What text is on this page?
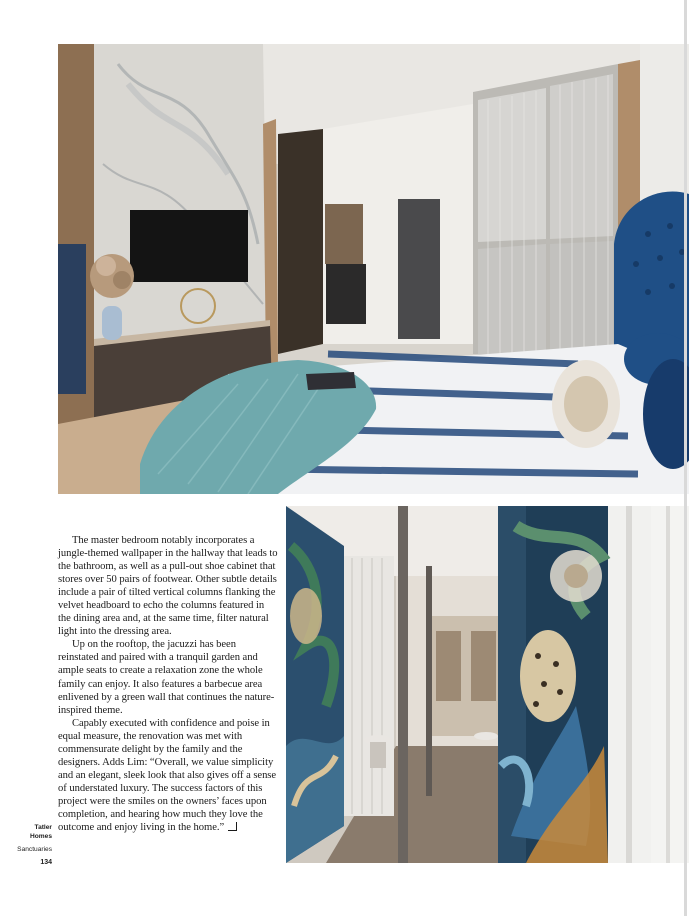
The master bedroom notably incorporates a jungle-themed wallpaper in the hallway that leads to the bathroom, as well as a pull-out shoe cabinet that stores over 50 pairs of footwear. Other subtle details include a pair of tilted vertical columns flanking the velvet headboard to echo the columns featured in the dining area and, at the same time, filter natural light into the dressing area.

Up on the rooftop, the jacuzzi has been reinstated and paired with a tranquil garden and ample seats to create a relaxation zone the whole family can enjoy. It also features a barbecue area enlivened by a green wall that continues the nature-inspired theme.

Capably executed with confidence and poise in equal measure, the renovation was met with commensurate delight by the family and the designers. Adds Lim: “Overall, we value simplicity and an elegant, sleek look that also gives off a sense of understated luxury. The success factors of this project were the smiles on the owners’ faces upon completion, and hearing how much they love the outcome and enjoy living in the home.”

Tatler
Homes
Sanctuaries
134
